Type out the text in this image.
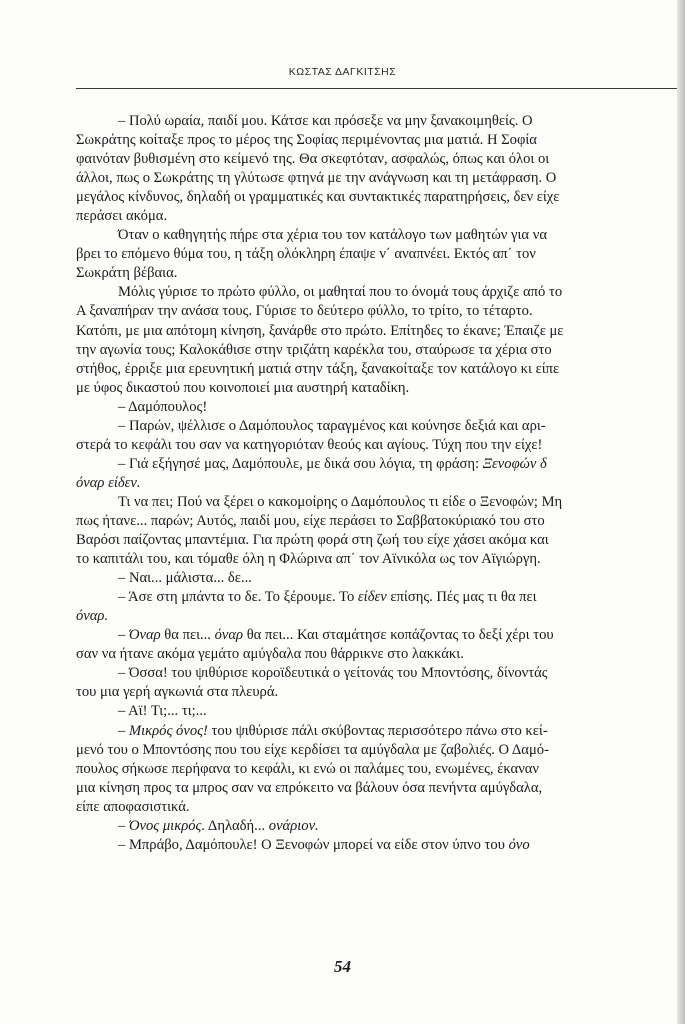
ΚΩΣΤΑΣ ΔΑΓΚΙΤΣΗΣ
– Πολύ ωραία, παιδί μου. Κάτσε και πρόσεξε να μην ξανακοιμηθείς. Ο
Σωκράτης κοίταξε προς το μέρος της Σοφίας περιμένοντας μια ματιά. Η Σοφία
φαινόταν βυθισμένη στο κείμενό της. Θα σκεφτόταν, ασφαλώς, όπως και όλοι οι
άλλοι, πως ο Σωκράτης τη γλύτωσε φτηνά με την ανάγνωση και τη μετάφραση. Ο
μεγάλος κίνδυνος, δηλαδή οι γραμματικές και συντακτικές παρατηρήσεις, δεν είχε
περάσει ακόμα.
Όταν ο καθηγητής πήρε στα χέρια του τον κατάλογο των μαθητών για να
βρει το επόμενο θύμα του, η τάξη ολόκληρη έπαψε ν΄ αναπνέει. Εκτός απ΄ τον
Σωκράτη βέβαια.
Μόλις γύρισε το πρώτο φύλλο, οι μαθηταί που το όνομά τους άρχιζε από το
Α ξαναπήραν την ανάσα τους. Γύρισε το δεύτερο φύλλο, το τρίτο, το τέταρτο.
Κατόπι, με μια απότομη κίνηση, ξανάρθε στο πρώτο. Επίτηδες το έκανε; Έπαιζε με
την αγωνία τους; Καλοκάθισε στην τριζάτη καρέκλα του, σταύρωσε τα χέρια στο
στήθος, έρριξε μια ερευνητική ματιά στην τάξη, ξανακοίταξε τον κατάλογο κι είπε
με ύφος δικαστού που κοινοποιεί μια αυστηρή καταδίκη.
– Δαμόπουλος!
– Παρών, ψέλλισε ο Δαμόπουλος ταραγμένος και κούνησε δεξιά και αρι-
στερά το κεφάλι του σαν να κατηγοριόταν θεούς και αγίους. Τύχη που την είχε!
– Γιά εξήγησέ μας, Δαμόπουλε, με δικά σου λόγια, τη φράση: Ξενοφών δ
όναρ είδεν.
Τι να πει; Πού να ξέρει ο κακομοίρης ο Δαμόπουλος τι είδε ο Ξενοφών; Μη
πως ήτανε... παρών; Αυτός, παιδί μου, είχε περάσει το Σαββατοκύριακό του στο
Βαρόσι παίζοντας μπαντέμια. Για πρώτη φορά στη ζωή του είχε χάσει ακόμα και
το καπιτάλι του, και τόμαθε όλη η Φλώρινα απ΄ τον Αϊνικόλα ως τον Αϊγιώργη.
– Ναι... μάλιστα... δε...
– Άσε στη μπάντα το δε. Το ξέρουμε. Το είδεν επίσης. Πές μας τι θα πει
όναρ.
– Όναρ θα πει... όναρ θα πει... Και σταμάτησε κοπάζοντας το δεξί χέρι του
σαν να ήτανε ακόμα γεμάτο αμύγδαλα που θάρρικνε στο λακκάκι.
– Όσσα! του ψιθύρισε κοροϊδευτικά ο γείτονάς του Μποντόσης, δίνοντάς
του μια γερή αγκωνιά στα πλευρά.
– Αϊ! Τι;... τι;...
– Μικρός όνος! του ψιθύρισε πάλι σκύβοντας περισσότερο πάνω στο κεί-
μενό του ο Μποντόσης που του είχε κερδίσει τα αμύγδαλα με ζαβολιές. Ο Δαμό-
πουλος σήκωσε περήφανα το κεφάλι, κι ενώ οι παλάμες του, ενωμένες, έκαναν
μια κίνηση προς τα μπρος σαν να επρόκειτο να βάλουν όσα πενήντα αμύγδαλα,
είπε αποφασιστικά.
– Όνος μικρός. Δηλαδή... ονάριον.
– Μπράβο, Δαμόπουλε! Ο Ξενοφών μπορεί να είδε στον ύπνο του όνο
54
